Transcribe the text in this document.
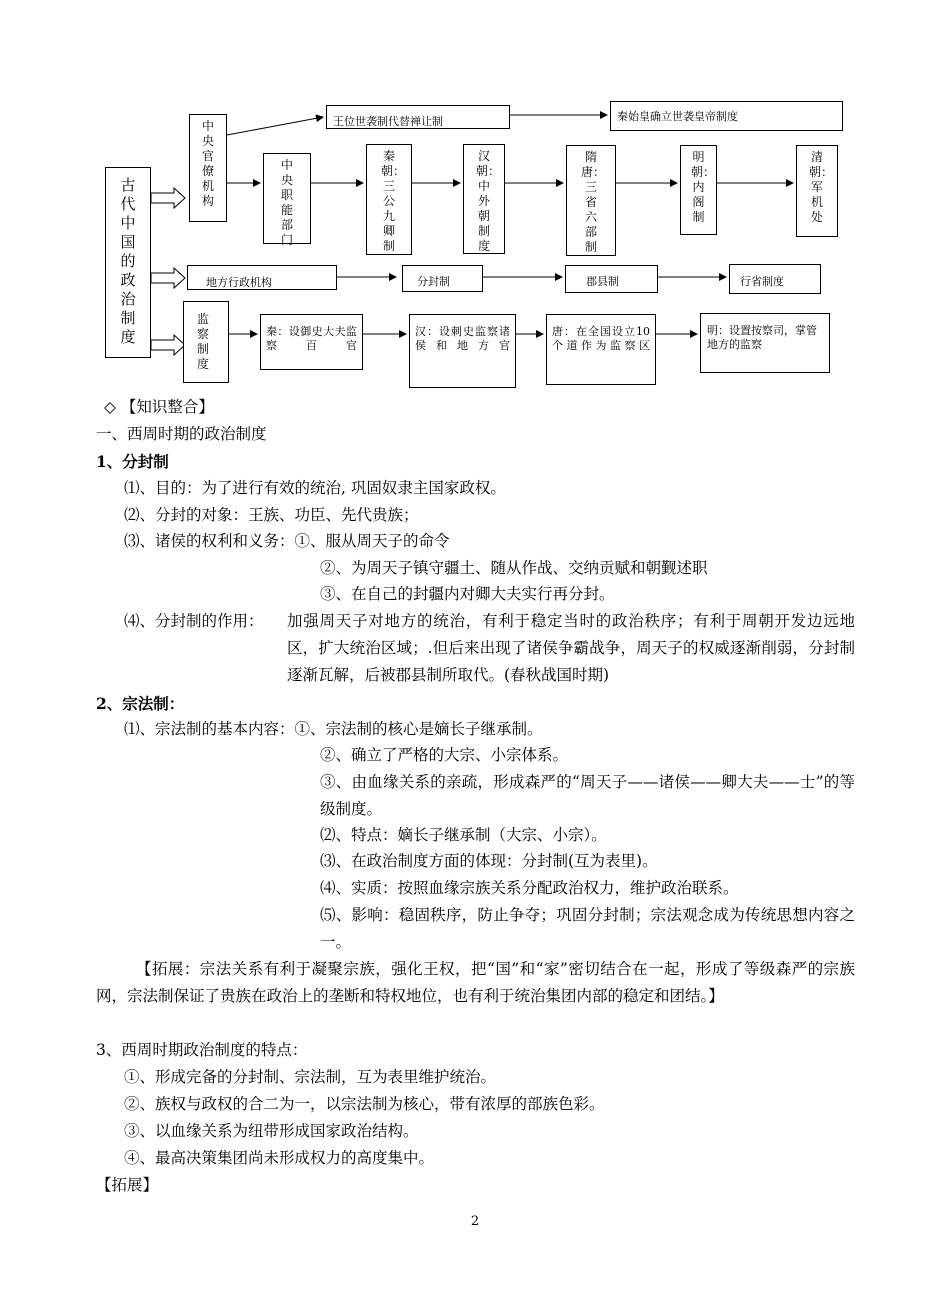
古代中国的政治制度
中央官僚机构
王位世袭制代替禅让制	秦始皇确立世袭皇帝制度
中央职能部门
秦朝：三公九卿制
汉朝：中外朝制度
隋唐：三省六部制
明朝：内阁制
清朝：军机处
地方行政机构	分封制	郡县制	行省制度
监察制度
秦：设御史大夫监察百官
汉：设刺史监察诸侯和地方官
唐：在全国设立10个道作为监察区
明：设置按察司，掌管地方的监察
◇ 【知识整合】
一、西周时期的政治制度
1、分封制
⑴、目的：为了进行有效的统治, 巩固奴隶主国家政权。
⑵、分封的对象：王族、功臣、先代贵族；
⑶、诸侯的权利和义务：①、服从周天子的命令
②、为周天子镇守疆土、随从作战、交纳贡赋和朝觐述职
③、在自己的封疆内对卿大夫实行再分封。
⑷、分封制的作用：	加强周天子对地方的统治，有利于稳定当时的政治秩序；有利于周朝开发边远地区，扩大统治区域；.但后来出现了诸侯争霸战争，周天子的权威逐渐削弱，分封制逐渐瓦解，后被郡县制所取代。(春秋战国时期)
2、宗法制：
⑴、宗法制的基本内容：①、宗法制的核心是嫡长子继承制。
②、确立了严格的大宗、小宗体系。
③、由血缘关系的亲疏，形成森严的“周天子——诸侯——卿大夫——士”的等级制度。
⑵、特点：嫡长子继承制（大宗、小宗）。
⑶、在政治制度方面的体现：分封制(互为表里)。
⑷、实质：按照血缘宗族关系分配政治权力，维护政治联系。
⑸、影响：稳固秩序，防止争夺；巩固分封制；宗法观念成为传统思想内容之一。
【拓展：宗法关系有利于凝聚宗族，强化王权，把“国”和“家”密切结合在一起，形成了等级森严的宗族网，宗法制保证了贵族在政治上的垄断和特权地位，也有利于统治集团内部的稳定和团结。】
3、西周时期政治制度的特点：
①、形成完备的分封制、宗法制，互为表里维护统治。
②、族权与政权的合二为一，以宗法制为核心，带有浓厚的部族色彩。
③、以血缘关系为纽带形成国家政治结构。
④、最高决策集团尚未形成权力的高度集中。
【拓展】
2
